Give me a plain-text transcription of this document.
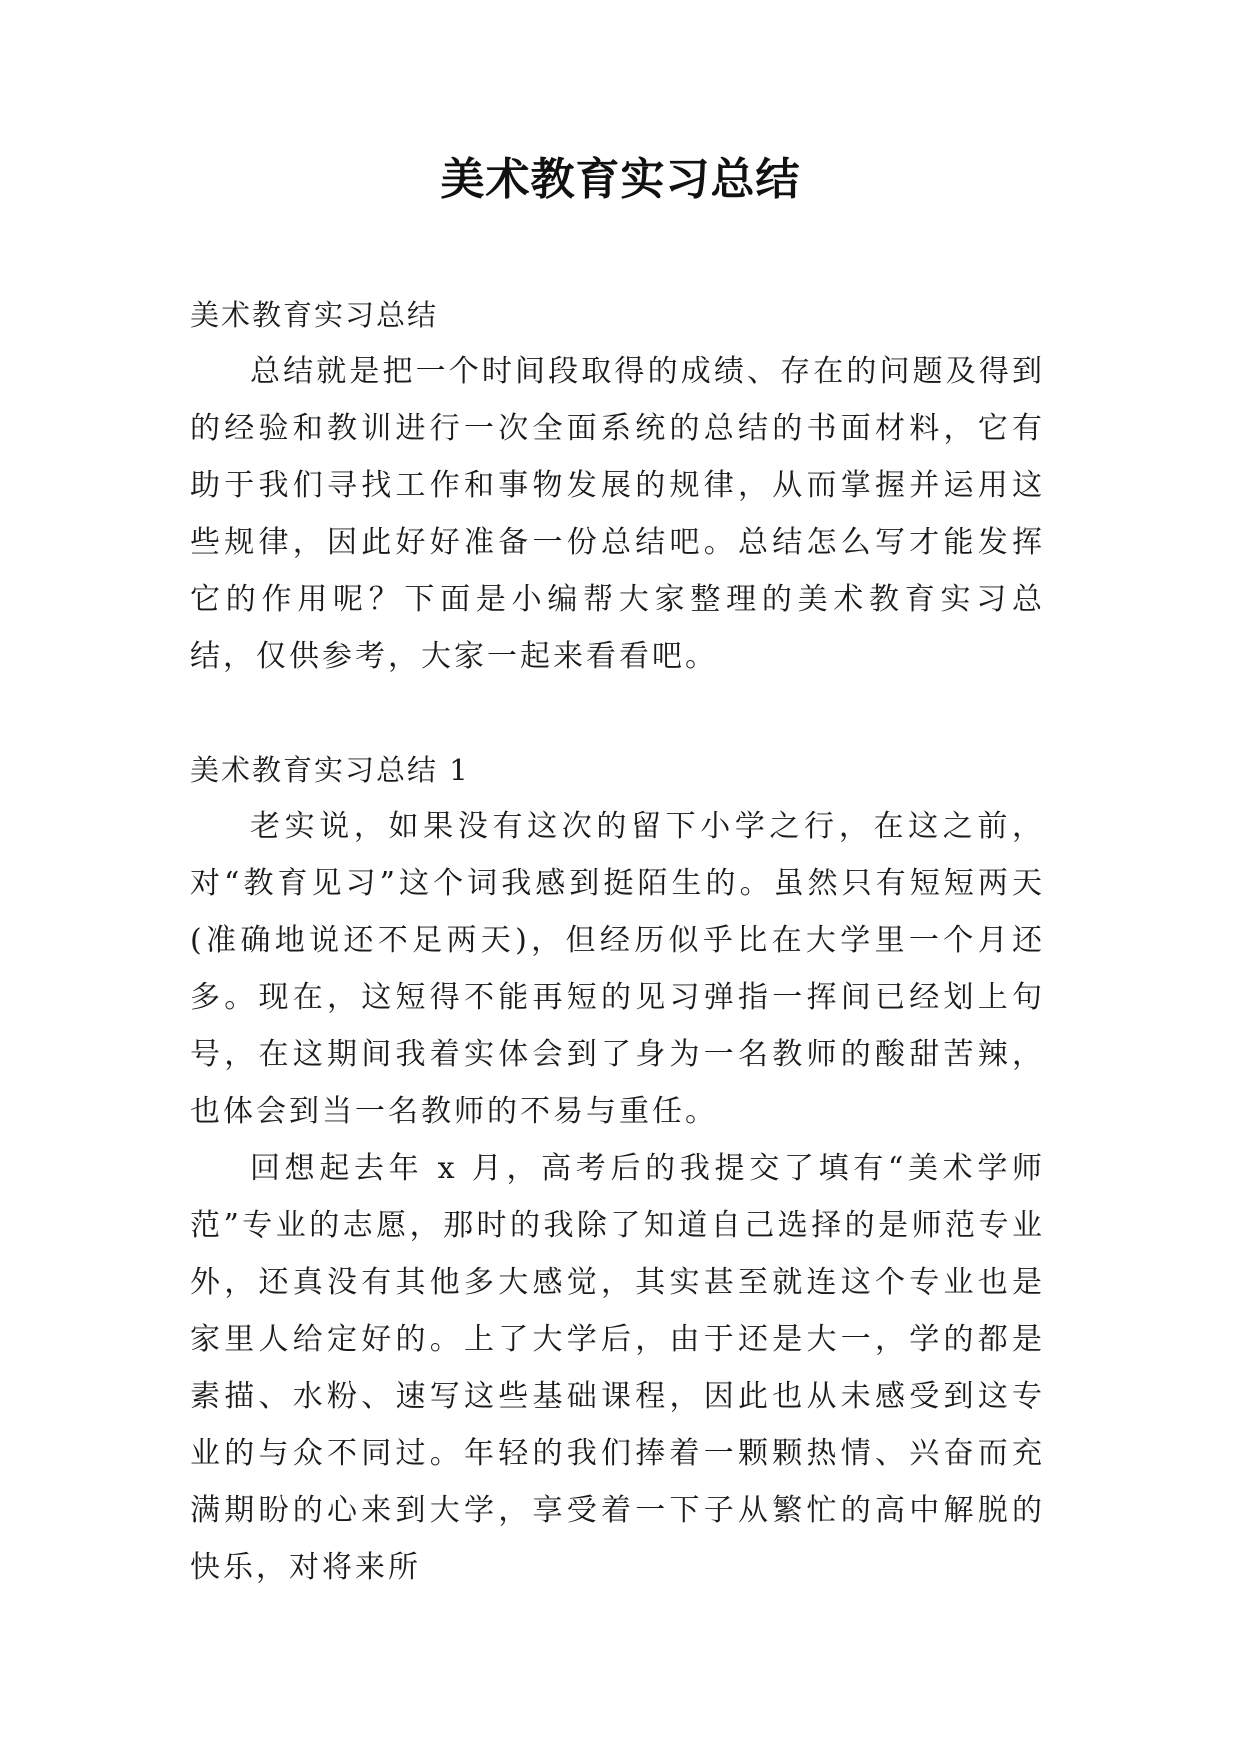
美术教育实习总结

美术教育实习总结

总结就是把一个时间段取得的成绩、存在的问题及得到的经验和教训进行一次全面系统的总结的书面材料，它有助于我们寻找工作和事物发展的规律，从而掌握并运用这些规律，因此好好准备一份总结吧。总结怎么写才能发挥它的作用呢？下面是小编帮大家整理的美术教育实习总结，仅供参考，大家一起来看看吧。

美术教育实习总结 1

老实说，如果没有这次的留下小学之行，在这之前，对“教育见习”这个词我感到挺陌生的。虽然只有短短两天(准确地说还不足两天)，但经历似乎比在大学里一个月还多。现在，这短得不能再短的见习弹指一挥间已经划上句号，在这期间我着实体会到了身为一名教师的酸甜苦辣，也体会到当一名教师的不易与重任。

回想起去年 x 月，高考后的我提交了填有“美术学师范”专业的志愿，那时的我除了知道自己选择的是师范专业外，还真没有其他多大感觉，其实甚至就连这个专业也是家里人给定好的。上了大学后，由于还是大一，学的都是素描、水粉、速写这些基础课程，因此也从未感受到这专业的与众不同过。年轻的我们捧着一颗颗热情、兴奋而充满期盼的心来到大学，享受着一下子从繁忙的高中解脱的快乐，对将来所
